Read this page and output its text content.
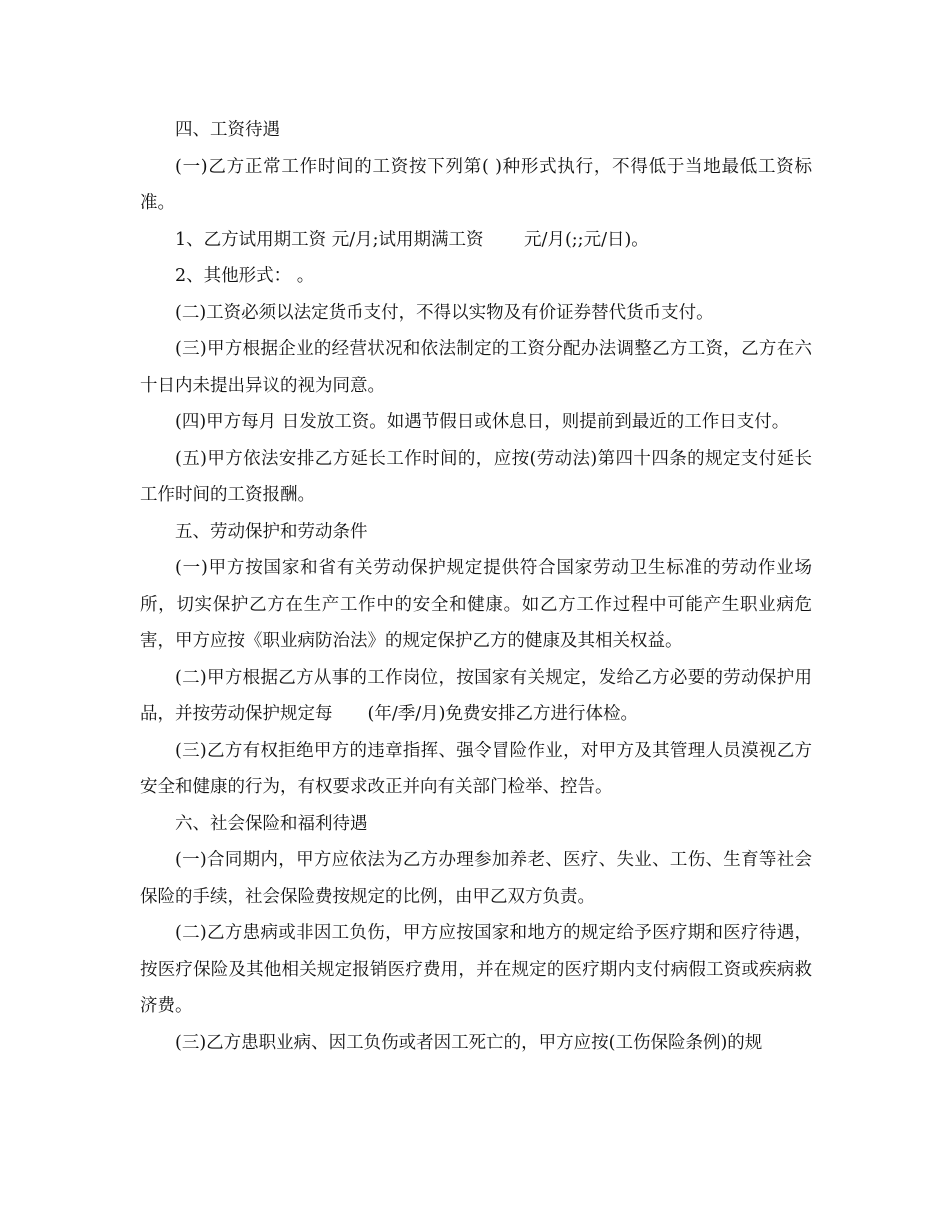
四、工资待遇

(一)乙方正常工作时间的工资按下列第( )种形式执行，不得低于当地最低工资标准。

1、乙方试用期工资 元/月;试用期满工资　　 元/月(;;元/日)。

2、其他形式： 。

(二)工资必须以法定货币支付，不得以实物及有价证券替代货币支付。

(三)甲方根据企业的经营状况和依法制定的工资分配办法调整乙方工资，乙方在六十日内未提出异议的视为同意。

(四)甲方每月 日发放工资。如遇节假日或休息日，则提前到最近的工作日支付。

(五)甲方依法安排乙方延长工作时间的，应按(劳动法)第四十四条的规定支付延长工作时间的工资报酬。

五、劳动保护和劳动条件

(一)甲方按国家和省有关劳动保护规定提供符合国家劳动卫生标准的劳动作业场所，切实保护乙方在生产工作中的安全和健康。如乙方工作过程中可能产生职业病危害，甲方应按《职业病防治法》的规定保护乙方的健康及其相关权益。

(二)甲方根据乙方从事的工作岗位，按国家有关规定，发给乙方必要的劳动保护用品，并按劳动保护规定每　　(年/季/月)免费安排乙方进行体检。

(三)乙方有权拒绝甲方的违章指挥、强令冒险作业，对甲方及其管理人员漠视乙方安全和健康的行为，有权要求改正并向有关部门检举、控告。

六、社会保险和福利待遇

(一)合同期内，甲方应依法为乙方办理参加养老、医疗、失业、工伤、生育等社会保险的手续，社会保险费按规定的比例，由甲乙双方负责。

(二)乙方患病或非因工负伤，甲方应按国家和地方的规定给予医疗期和医疗待遇，按医疗保险及其他相关规定报销医疗费用，并在规定的医疗期内支付病假工资或疾病救济费。

(三)乙方患职业病、因工负伤或者因工死亡的，甲方应按(工伤保险条例)的规
